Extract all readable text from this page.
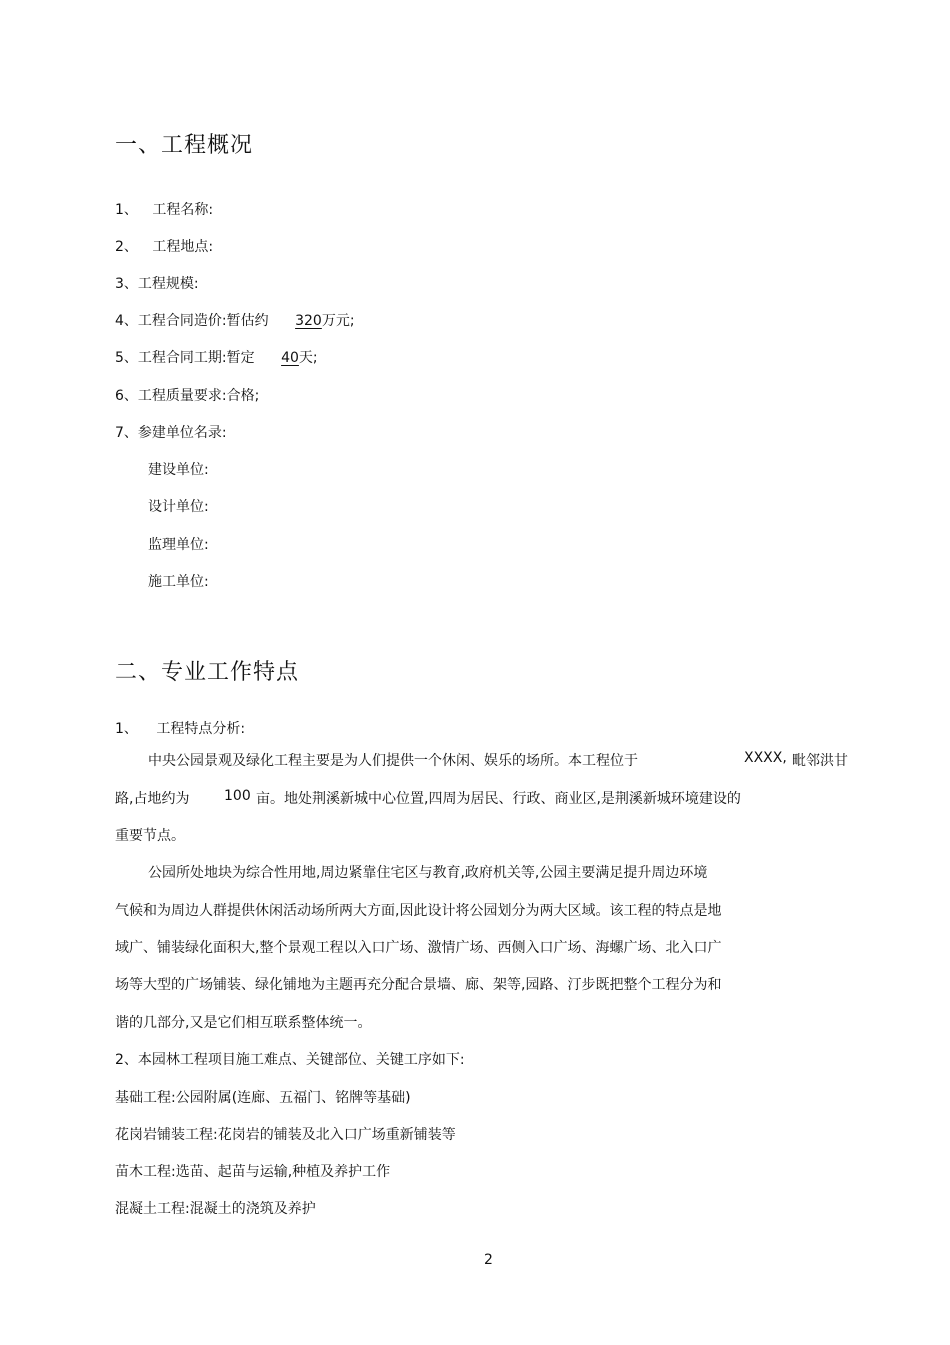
一、工程概况
1、 工程名称:
2、 工程地点:
3、工程规模:
4、工程合同造价:暂估约 320万元;
5、工程合同工期:暂定 40天;
6、工程质量要求:合格;
7、参建单位名录:
建设单位:
设计单位:
监理单位:
施工单位:
二、专业工作特点
1、 工程特点分析:
中央公园景观及绿化工程主要是为人们提供一个休闲、娱乐的场所。本工程位于	XXXX, 毗邻洪甘
路,占地约为 100 亩。地处荆溪新城中心位置,四周为居民、行政、商业区,是荆溪新城环境建设的
重要节点。
公园所处地块为综合性用地,周边紧靠住宅区与教育,政府机关等,公园主要满足提升周边环境
气候和为周边人群提供休闲活动场所两大方面,因此设计将公园划分为两大区域。该工程的特点是地
域广、铺装绿化面积大,整个景观工程以入口广场、激情广场、西侧入口广场、海螺广场、北入口广
场等大型的广场铺装、绿化铺地为主题再充分配合景墙、廊、架等,园路、汀步既把整个工程分为和
谐的几部分,又是它们相互联系整体统一。
2、本园林工程项目施工难点、关键部位、关键工序如下:
基础工程:公园附属(连廊、五福门、铭牌等基础)
花岗岩铺装工程:花岗岩的铺装及北入口广场重新铺装等
苗木工程:选苗、起苗与运输,种植及养护工作
混凝土工程:混凝土的浇筑及养护
2
